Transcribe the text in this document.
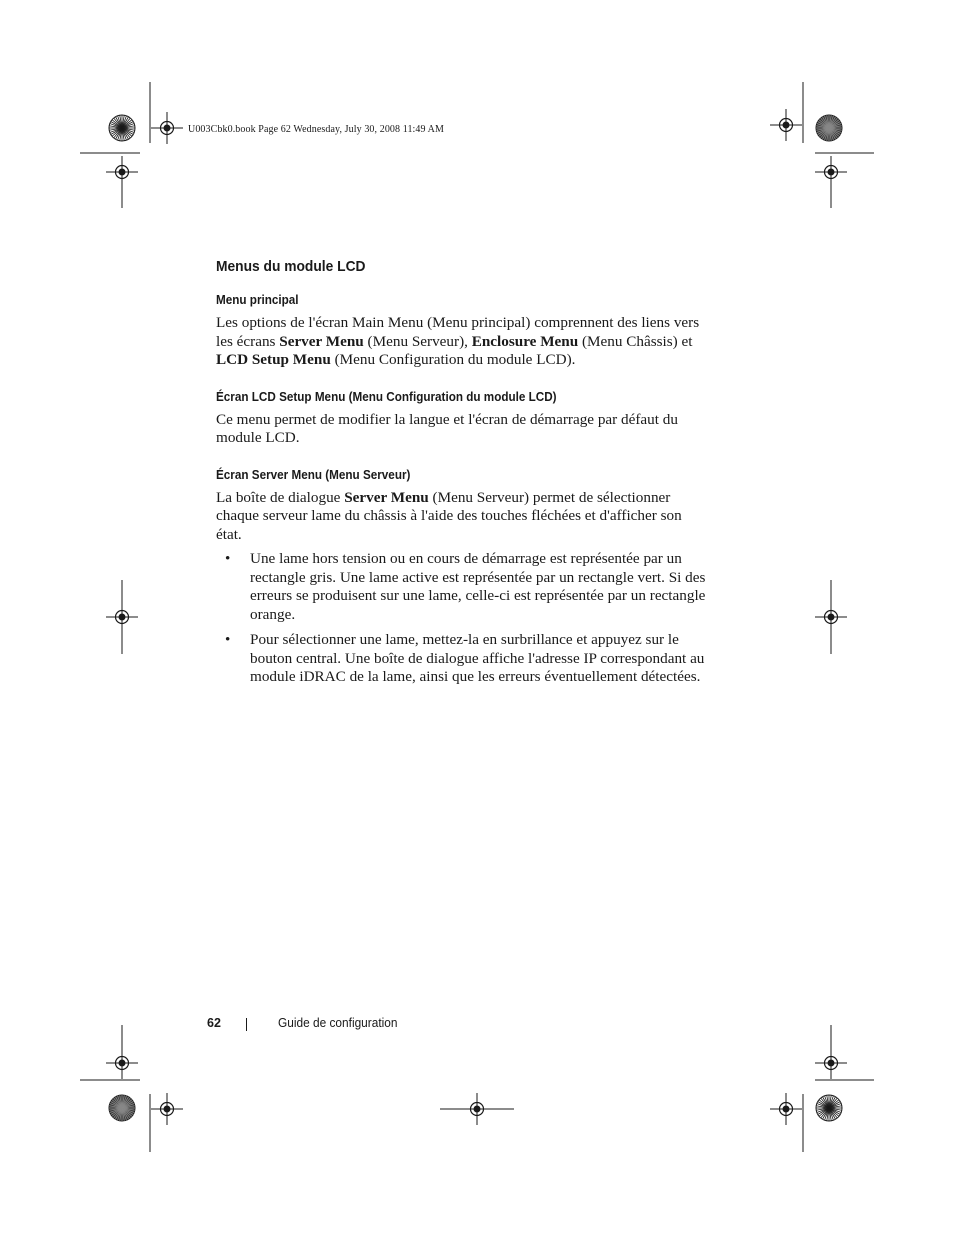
U003Cbk0.book Page 62 Wednesday, July 30, 2008 11:49 AM
Menus du module LCD
Menu principal

Les options de l'écran Main Menu (Menu principal) comprennent des liens vers les écrans Server Menu (Menu Serveur), Enclosure Menu (Menu Châssis) et LCD Setup Menu (Menu Configuration du module LCD).

Écran LCD Setup Menu (Menu Configuration du module LCD)

Ce menu permet de modifier la langue et l'écran de démarrage par défaut du module LCD.

Écran Server Menu (Menu Serveur)

La boîte de dialogue Server Menu (Menu Serveur) permet de sélectionner chaque serveur lame du châssis à l'aide des touches fléchées et d'afficher son état.

• Une lame hors tension ou en cours de démarrage est représentée par un rectangle gris. Une lame active est représentée par un rectangle vert. Si des erreurs se produisent sur une lame, celle-ci est représentée par un rectangle orange.
• Pour sélectionner une lame, mettez-la en surbrillance et appuyez sur le bouton central. Une boîte de dialogue affiche l'adresse IP correspondant au module iDRAC de la lame, ainsi que les erreurs éventuellement détectées.
62	Guide de configuration
